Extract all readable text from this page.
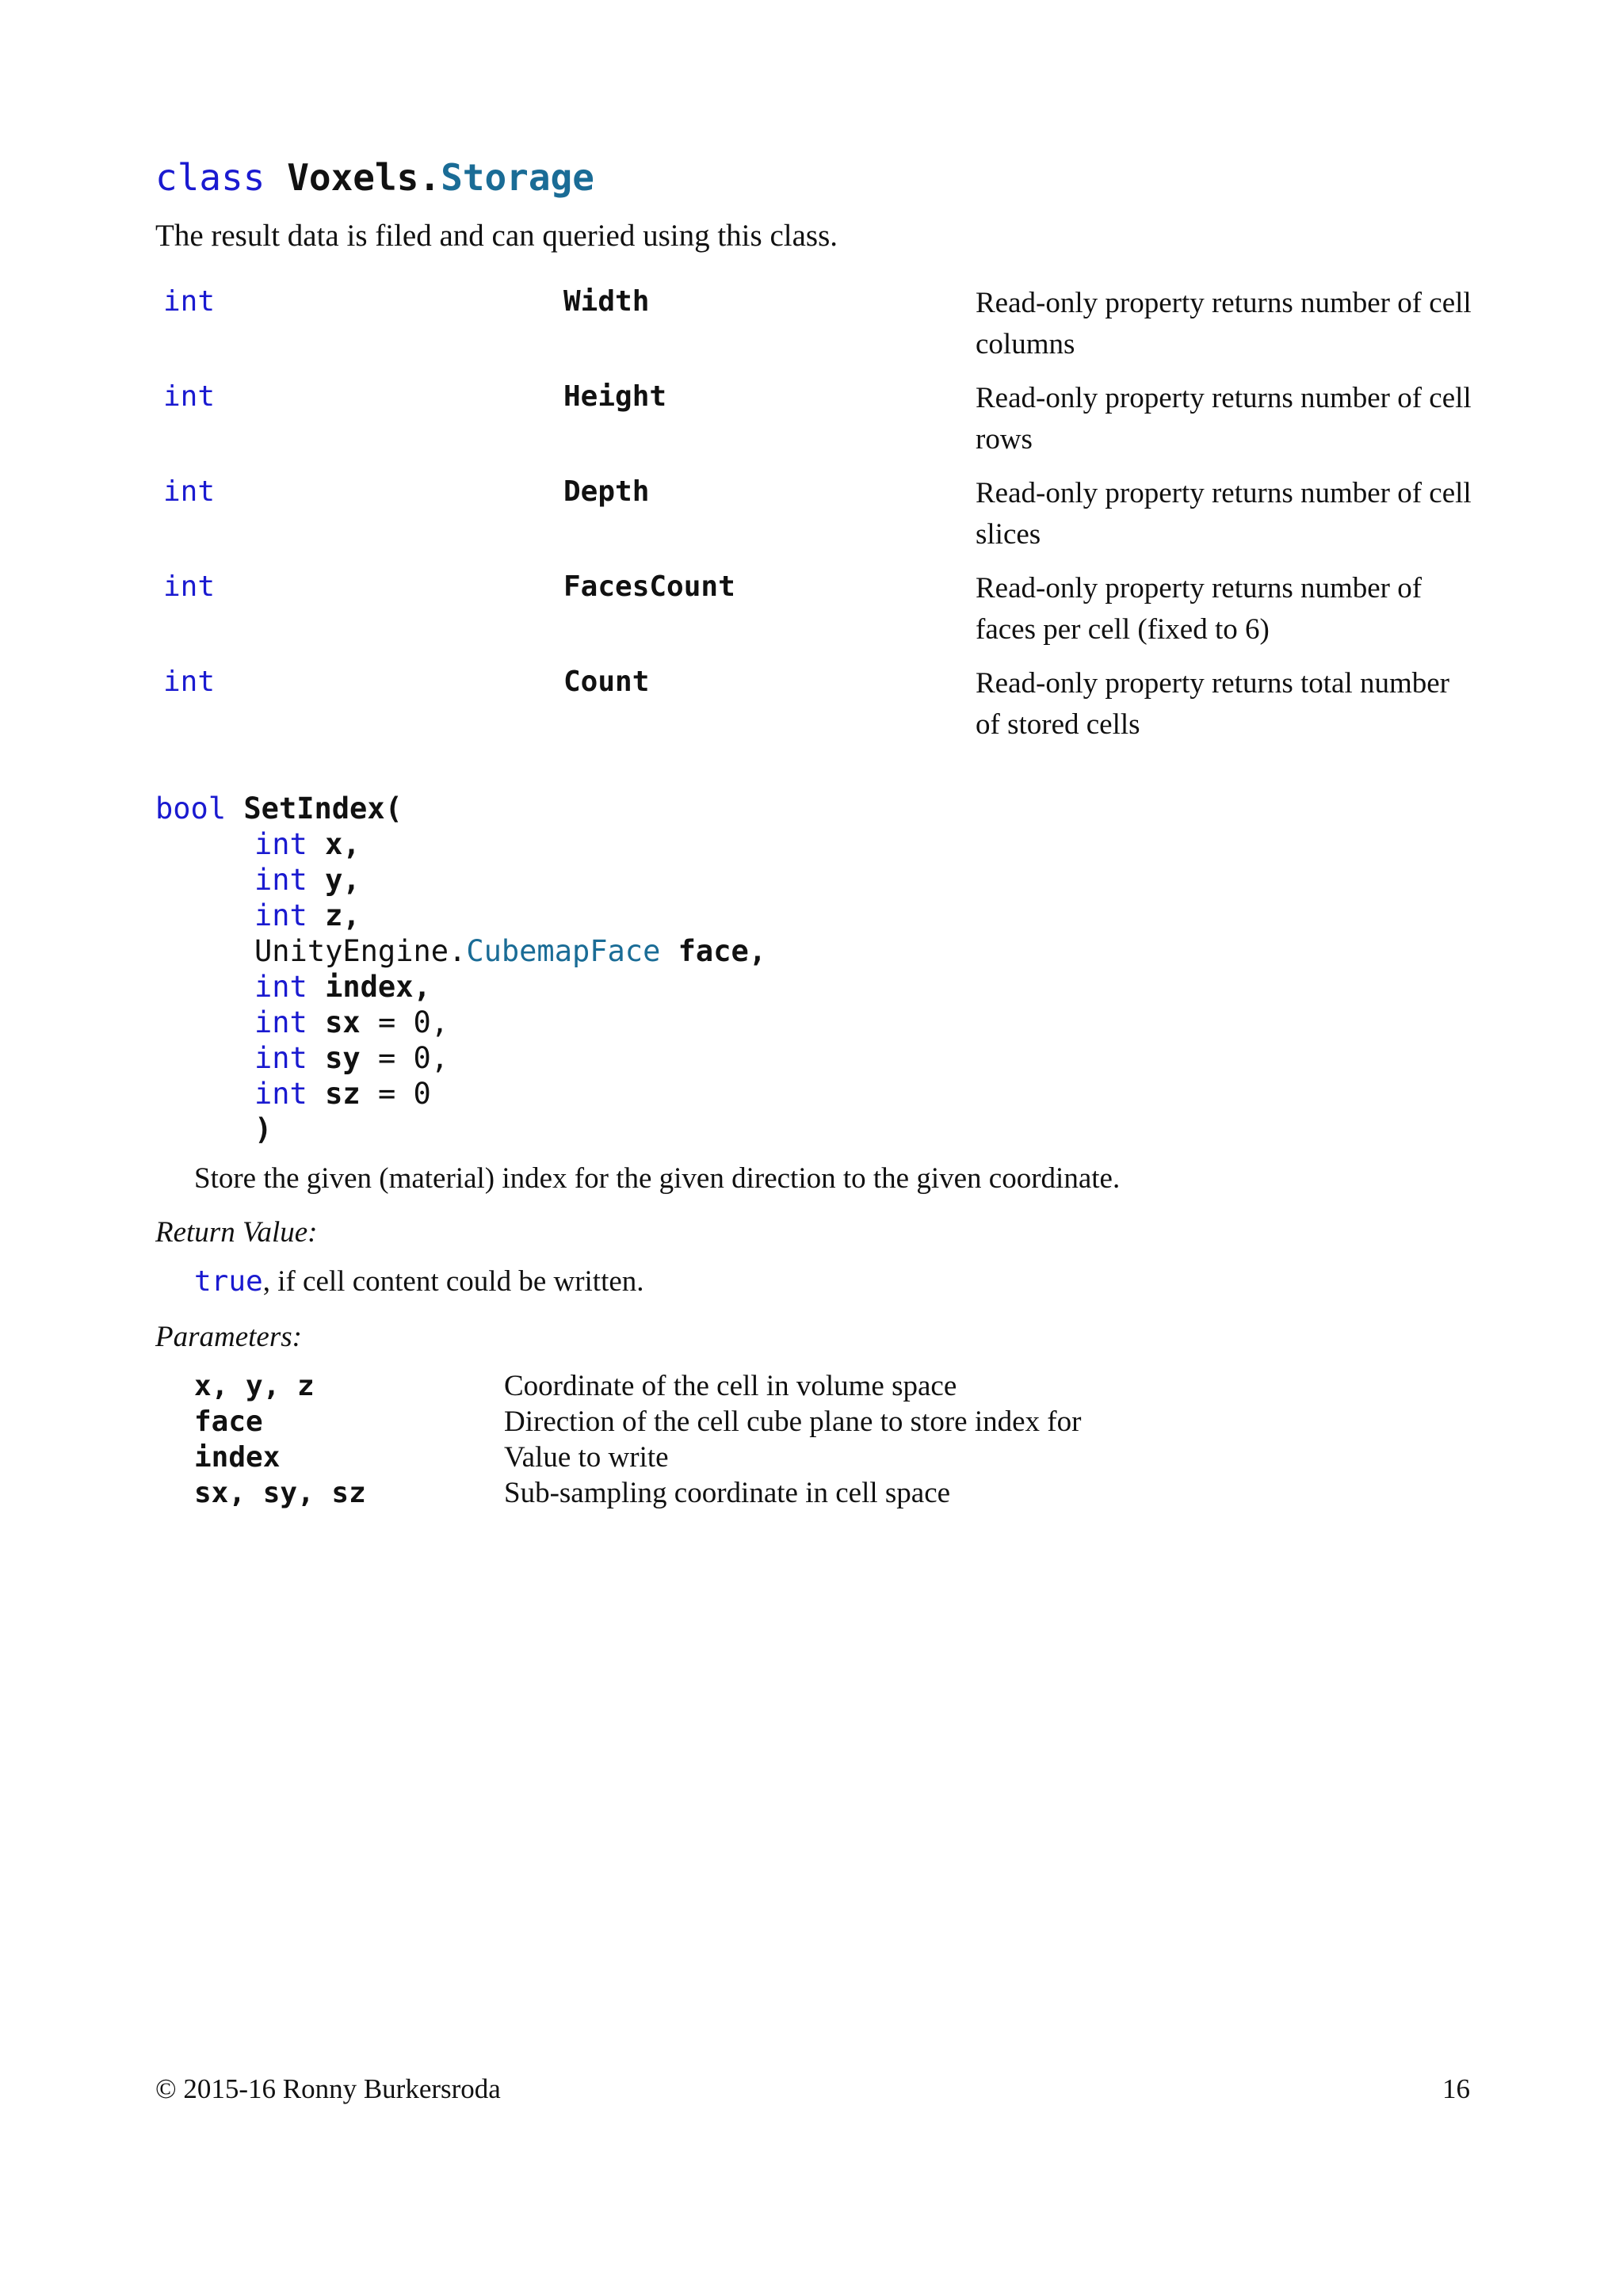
class Voxels.Storage
The result data is filed and can queried using this class.
int	Width	Read-only property returns number of cell columns
int	Height	Read-only property returns number of cell rows
int	Depth	Read-only property returns number of cell slices
int	FacesCount	Read-only property returns number of faces per cell (fixed to 6)
int	Count	Read-only property returns total number of stored cells
bool SetIndex(
int x,
int y,
int z,
UnityEngine.CubemapFace face,
int index,
int sx = 0,
int sy = 0,
int sz = 0
)
Store the given (material) index for the given direction to the given coordinate.
Return Value:
true, if cell content could be written.
Parameters:
x, y, z	Coordinate of the cell in volume space
face	Direction of the cell cube plane to store index for
index	Value to write
sx, sy, sz	Sub-sampling coordinate in cell space
© 2015-16 Ronny Burkersroda	16
